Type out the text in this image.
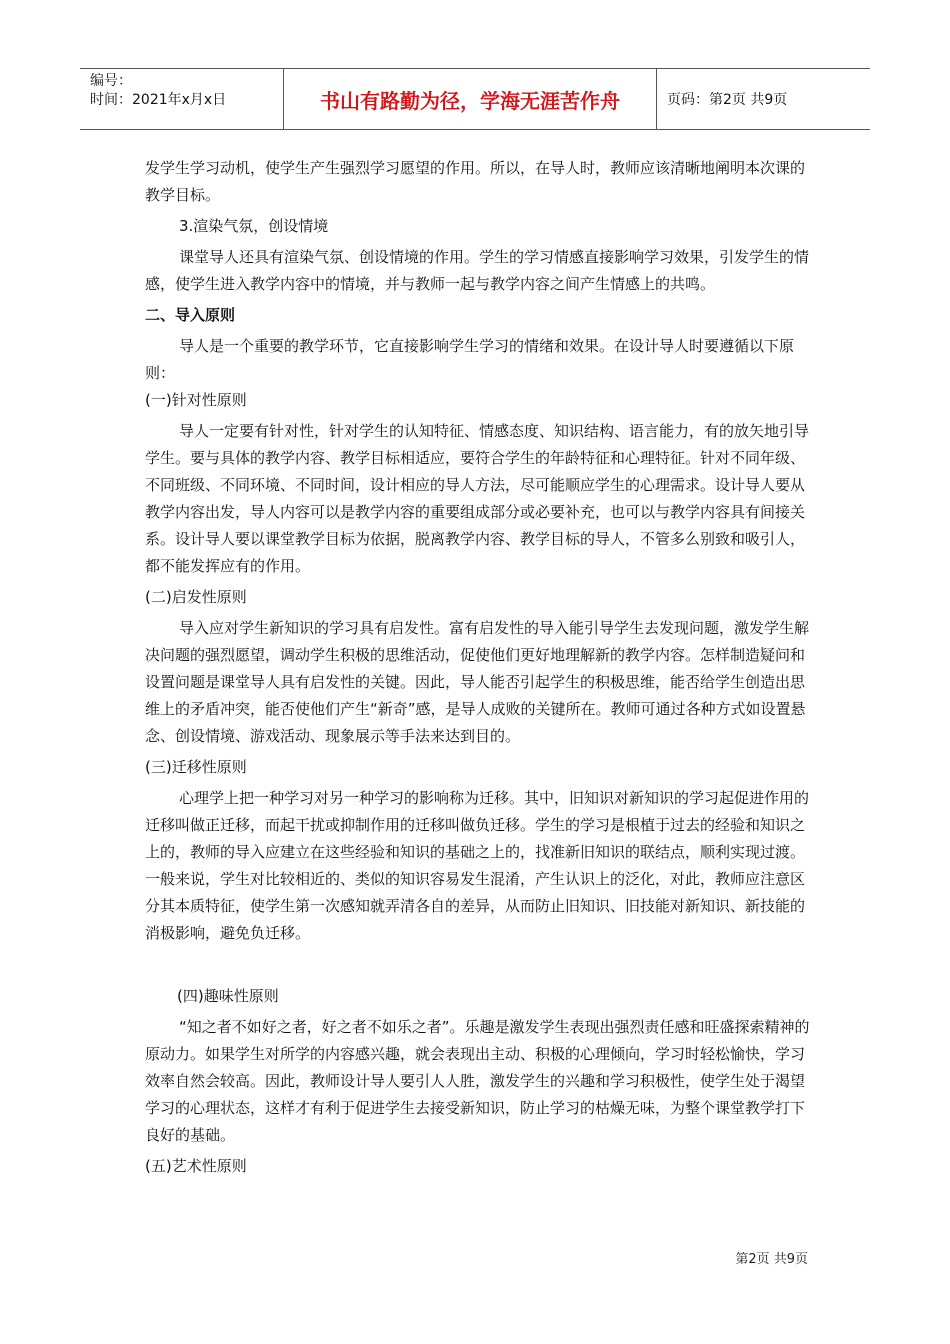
编号：
时间：2021年x月x日	书山有路勤为径，学海无涯苦作舟	页码：第2页 共9页

发学生学习动机，使学生产生强烈学习愿望的作用。所以，在导人时，教师应该清晰地阐明本次课的教学目标。

3.渲染气氛，创设情境

课堂导人还具有渲染气氛、创设情境的作用。学生的学习情感直接影响学习效果，引发学生的情感，使学生进入教学内容中的情境，并与教师一起与教学内容之间产生情感上的共鸣。

二、导入原则

导人是一个重要的教学环节，它直接影响学生学习的情绪和效果。在设计导人时要遵循以下原则：

(一)针对性原则

导人一定要有针对性，针对学生的认知特征、情感态度、知识结构、语言能力，有的放矢地引导学生。要与具体的教学内容、教学目标相适应，要符合学生的年龄特征和心理特征。针对不同年级、不同班级、不同环境、不同时间，设计相应的导人方法，尽可能顺应学生的心理需求。设计导人要从教学内容出发，导人内容可以是教学内容的重要组成部分或必要补充，也可以与教学内容具有间接关系。设计导人要以课堂教学目标为依据，脱离教学内容、教学目标的导人，不管多么别致和吸引人，都不能发挥应有的作用。

(二)启发性原则

导入应对学生新知识的学习具有启发性。富有启发性的导入能引导学生去发现问题，激发学生解决问题的强烈愿望，调动学生积极的思维活动，促使他们更好地理解新的教学内容。怎样制造疑问和设置问题是课堂导人具有启发性的关键。因此，导人能否引起学生的积极思维，能否给学生创造出思维上的矛盾冲突，能否使他们产生“新奇”感，是导人成败的关键所在。教师可通过各种方式如设置悬念、创设情境、游戏活动、现象展示等手法来达到目的。

(三)迁移性原则

心理学上把一种学习对另一种学习的影响称为迁移。其中，旧知识对新知识的学习起促进作用的迁移叫做正迁移，而起干扰或抑制作用的迁移叫做负迁移。学生的学习是根植于过去的经验和知识之上的，教师的导入应建立在这些经验和知识的基础之上的，找准新旧知识的联结点，顺利实现过渡。一般来说，学生对比较相近的、类似的知识容易发生混淆，产生认识上的泛化，对此，教师应注意区分其本质特征，使学生第一次感知就弄清各自的差异，从而防止旧知识、旧技能对新知识、新技能的消极影响，避免负迁移。

(四)趣味性原则

“知之者不如好之者，好之者不如乐之者”。乐趣是激发学生表现出强烈责任感和旺盛探索精神的原动力。如果学生对所学的内容感兴趣，就会表现出主动、积极的心理倾向，学习时轻松愉快，学习效率自然会较高。因此，教师设计导人要引人人胜，激发学生的兴趣和学习积极性，使学生处于渴望学习的心理状态，这样才有利于促进学生去接受新知识，防止学习的枯燥无味，为整个课堂教学打下良好的基础。

(五)艺术性原则

第2页 共9页
